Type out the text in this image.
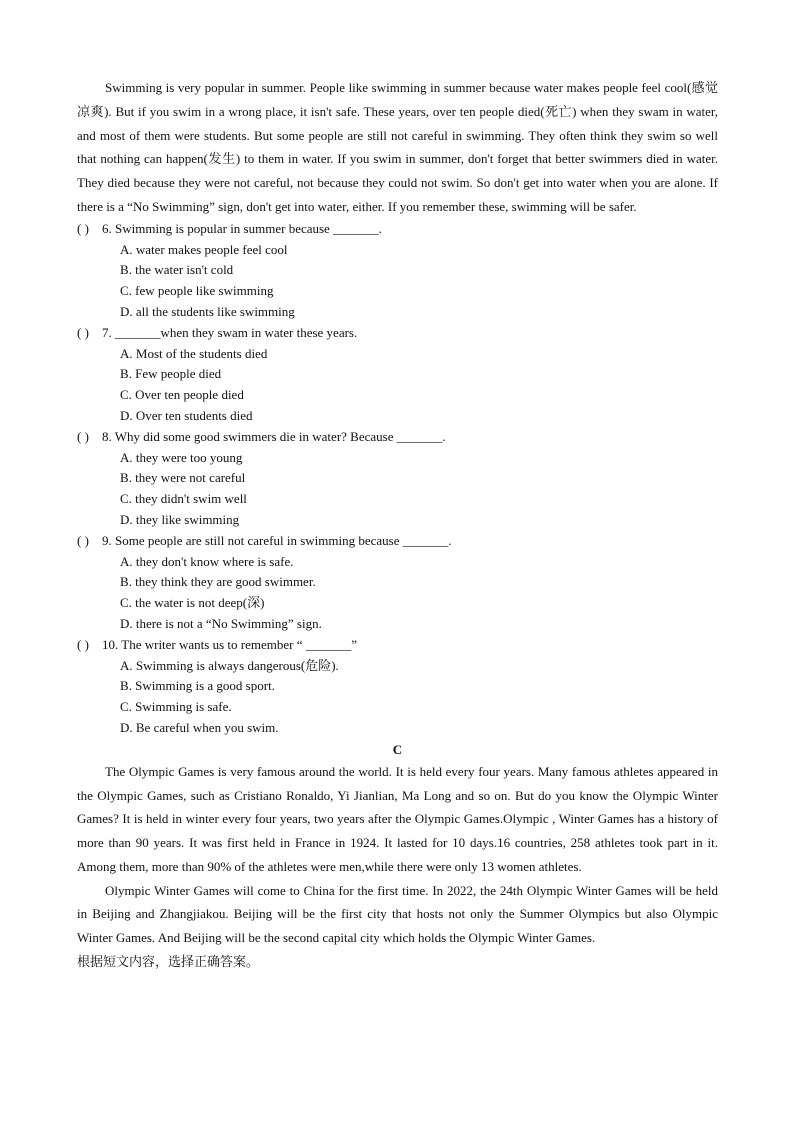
Swimming is very popular in summer. People like swimming in summer because water makes people feel cool(感觉凉爽). But if you swim in a wrong place, it isn't safe. These years, over ten people died(死亡) when they swam in water, and most of them were students. But some people are still not careful in swimming. They often think they swim so well that nothing can happen(发生) to them in water. If you swim in summer, don't forget that better swimmers died in water. They died because they were not careful, not because they could not swim. So don't get into water when you are alone. If there is a “No Swimming” sign, don't get into water, either. If you remember these, swimming will be safer.

( ) 6. Swimming is popular in summer because _______.
A. water makes people feel cool
B. the water isn't cold
C. few people like swimming
D. all the students like swimming
( ) 7. _______when they swam in water these years.
A. Most of the students died
B. Few people died
C. Over ten people died
D. Over ten students died
( ) 8. Why did some good swimmers die in water? Because _______.
A. they were too young
B. they were not careful
C. they didn't swim well
D. they like swimming
( ) 9. Some people are still not careful in swimming because _______.
A. they don't know where is safe.
B. they think they are good swimmer.
C. the water is not deep(深)
D. there is not a “No Swimming” sign.
( ) 10. The writer wants us to remember “ _______”
A. Swimming is always dangerous(危险).
B. Swimming is a good sport.
C. Swimming is safe.
D. Be careful when you swim.
C

The Olympic Games is very famous around the world. It is held every four years. Many famous athletes appeared in the Olympic Games, such as Cristiano Ronaldo, Yi Jianlian, Ma Long and so on. But do you know the Olympic Winter Games? It is held in winter every four years, two years after the Olympic Games.Olympic , Winter Games has a history of more than 90 years. It was first held in France in 1924. It lasted for 10 days.16 countries, 258 athletes took part in it. Among them, more than 90% of the athletes were men,while there were only 13 women athletes.

Olympic Winter Games will come to China for the first time. In 2022, the 24th Olympic Winter Games will be held in Beijing and Zhangjiakou. Beijing will be the first city that hosts not only the Summer Olympics but also Olympic Winter Games. And Beijing will be the second capital city which holds the Olympic Winter Games.

根据短文内容，选择正确答案。
